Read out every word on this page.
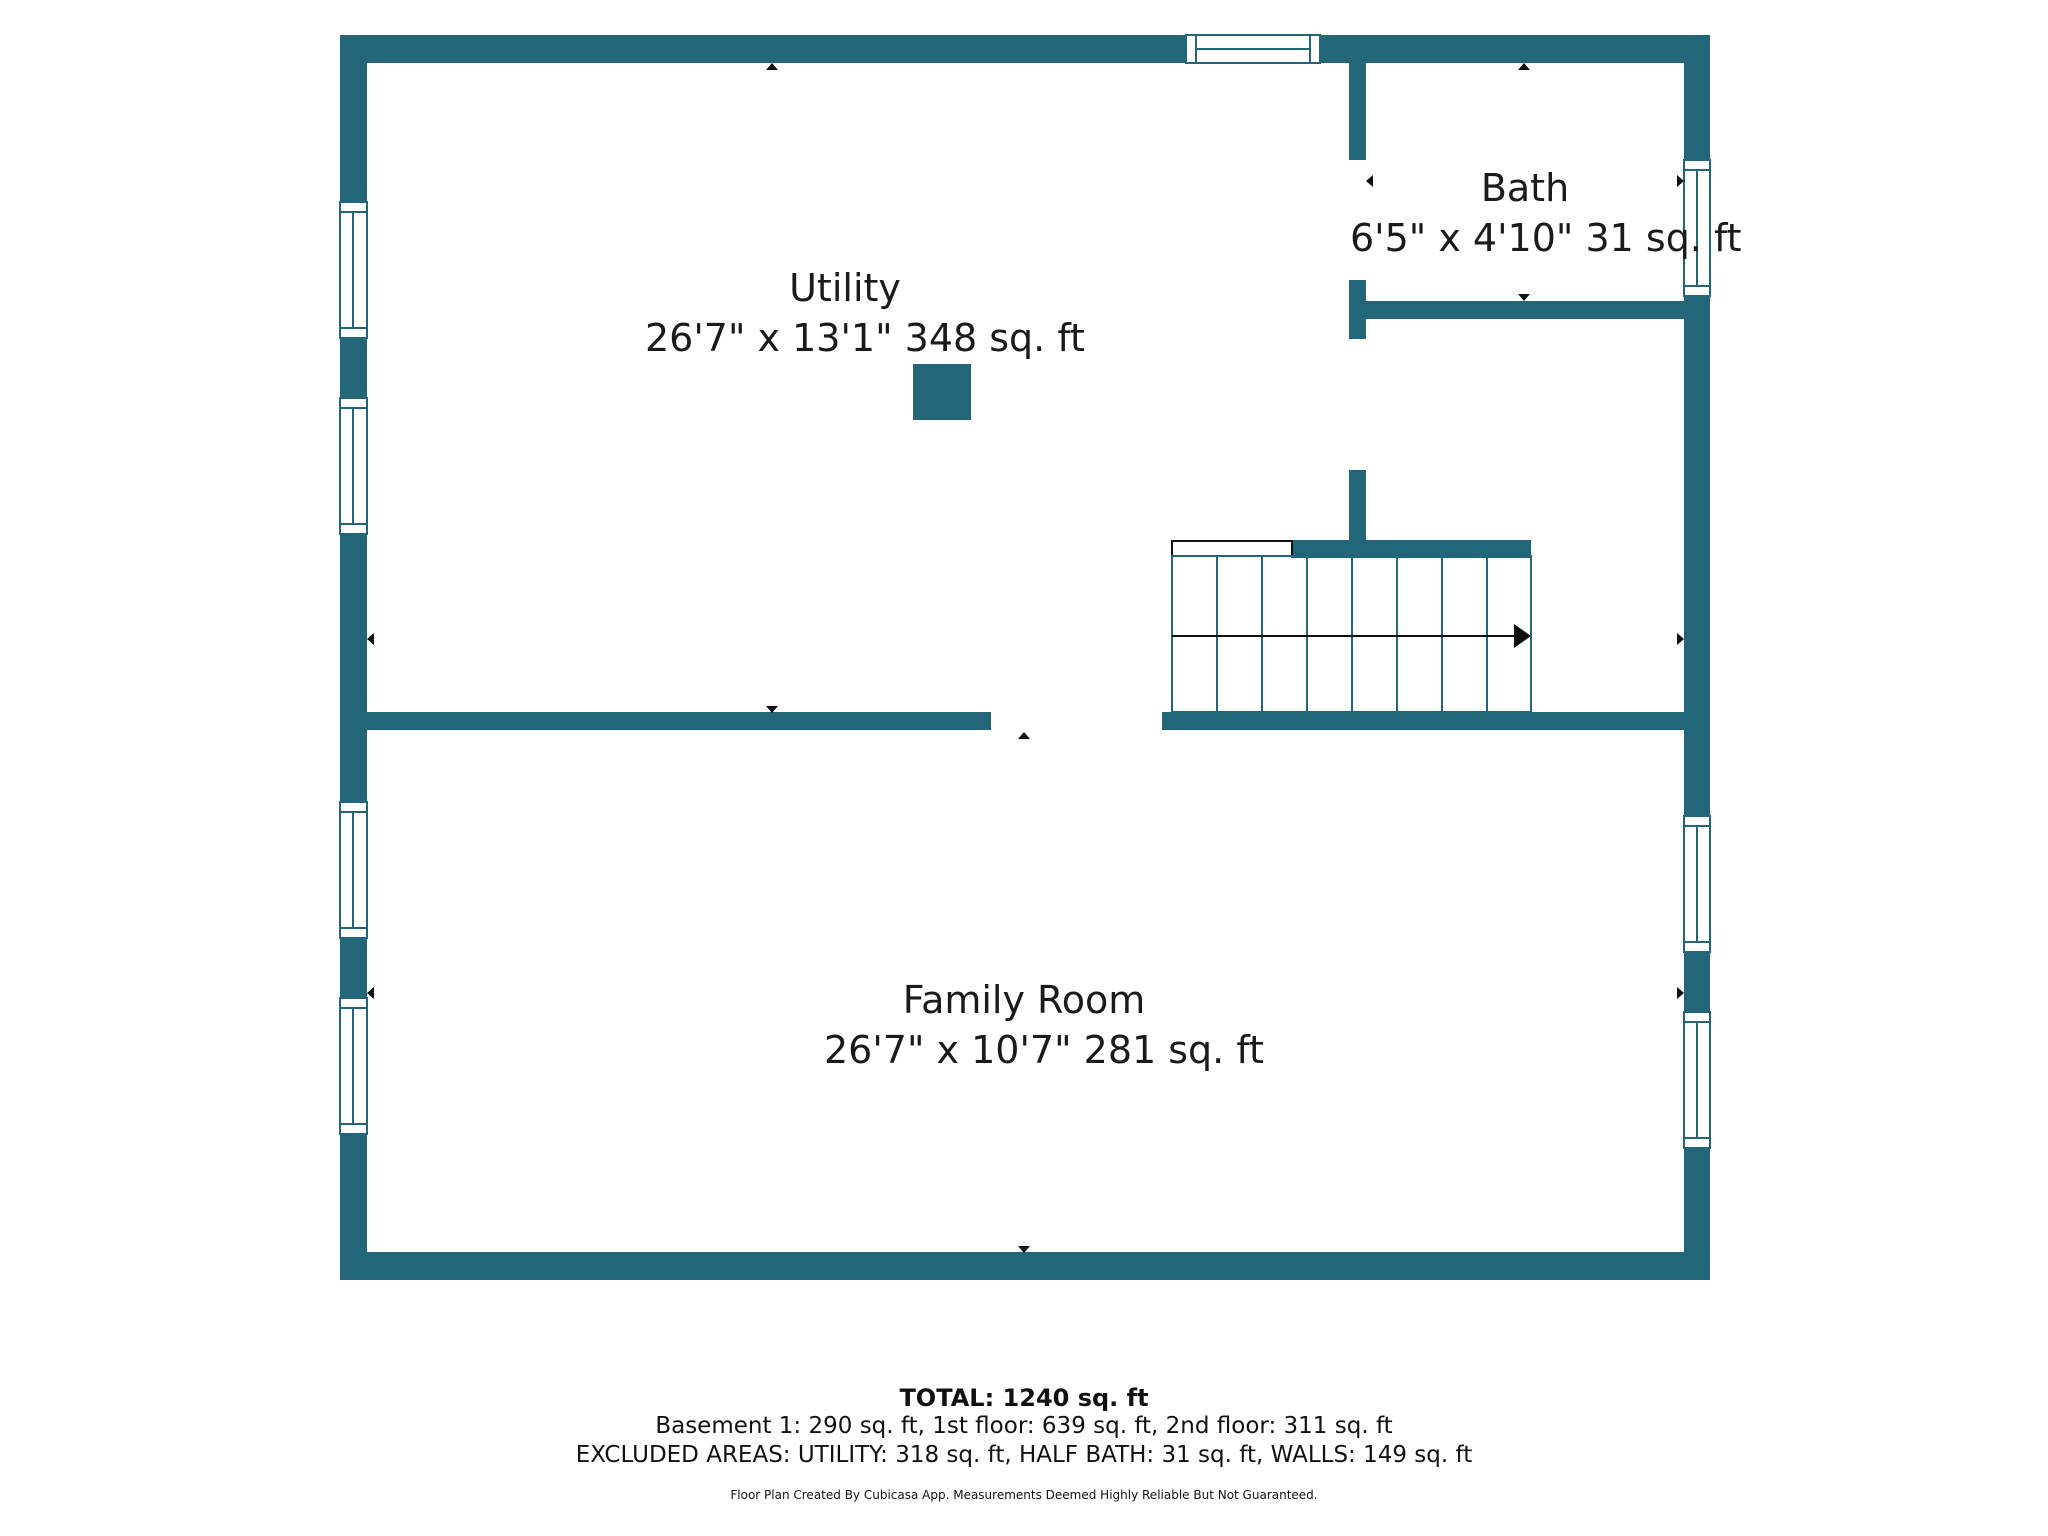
Utility
26'7" x 13'1" 348 sq. ft
Bath
6'5" x 4'10" 31 sq. ft
Family Room
26'7" x 10'7" 281 sq. ft
TOTAL: 1240 sq. ft
Basement 1: 290 sq. ft, 1st floor: 639 sq. ft, 2nd floor: 311 sq. ft
EXCLUDED AREAS: UTILITY: 318 sq. ft, HALF BATH: 31 sq. ft, WALLS: 149 sq. ft
Floor Plan Created By Cubicasa App. Measurements Deemed Highly Reliable But Not Guaranteed.
